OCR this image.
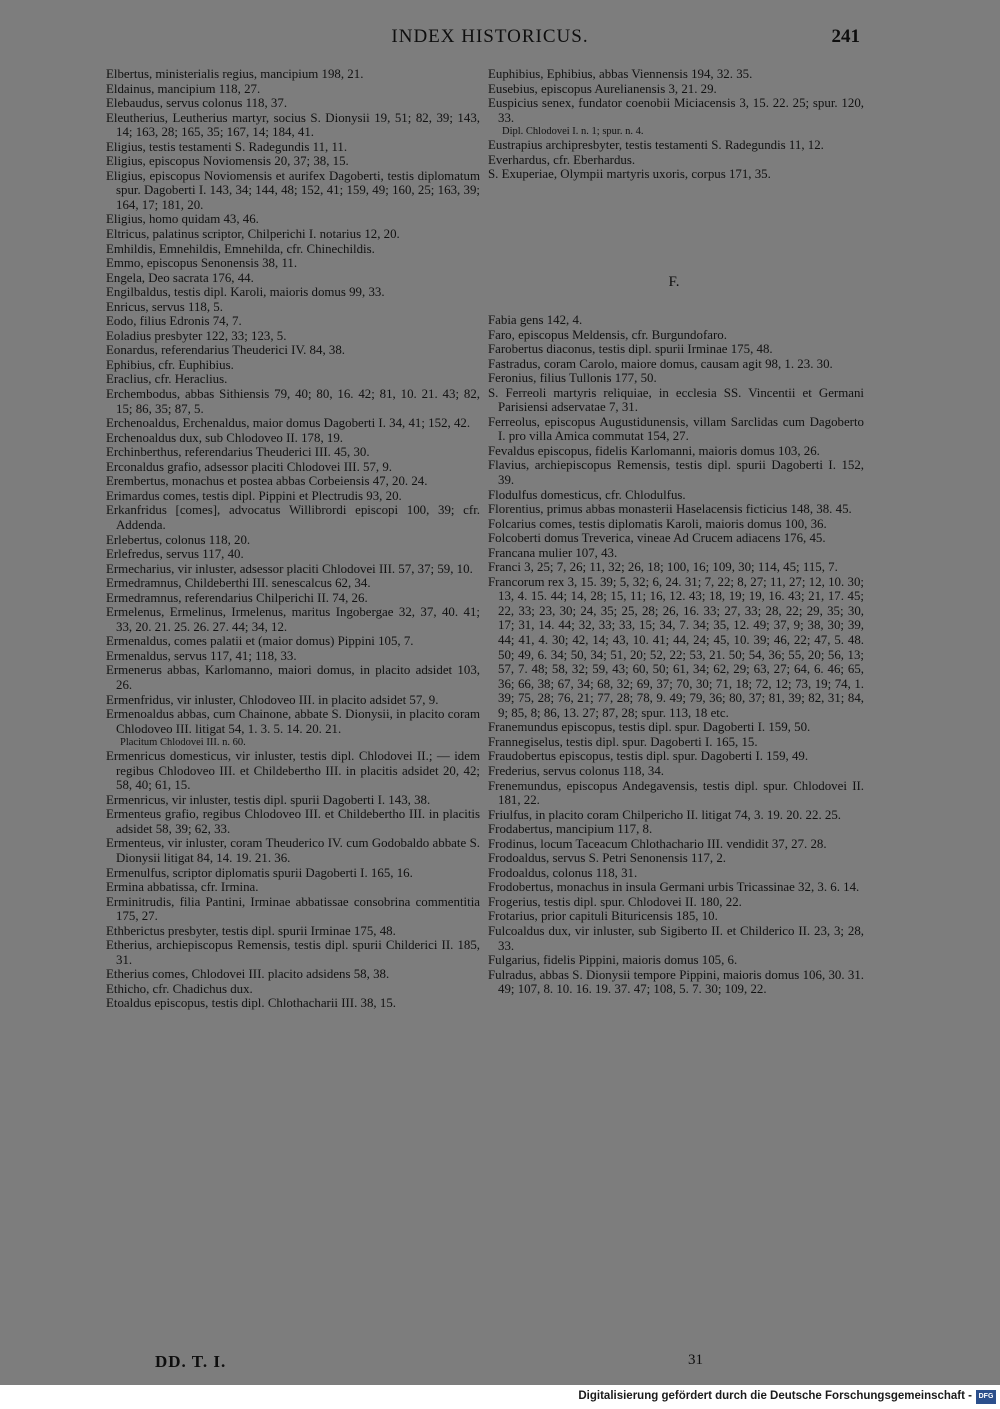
INDEX HISTORICUS.	241

Elbertus, ministerialis regius, mancipium 198, 21.

Eldainus, mancipium 118, 27.

Elebaudus, servus colonus 118, 37.

Eleutherius, Leutherius martyr, socius S. Dionysii 19, 51; 82, 39; 143, 14; 163, 28; 165, 35; 167, 14; 184, 41.

Eligius, testis testamenti S. Radegundis 11, 11.

Eligius, episcopus Noviomensis 20, 37; 38, 15.

Eligius, episcopus Noviomensis et aurifex Dagoberti, testis diplomatum spur. Dagoberti I. 143, 34; 144, 48; 152, 41; 159, 49; 160, 25; 163, 39; 164, 17; 181, 20.

Eligius, homo quidam 43, 46.

Eltricus, palatinus scriptor, Chilperichi I. notarius 12, 20.

Emhildis, Emnehildis, Emnehilda, cfr. Chinechildis.

Emmo, episcopus Senonensis 38, 11.

Engela, Deo sacrata 176, 44.

Engilbaldus, testis dipl. Karoli, maioris domus 99, 33.

Enricus, servus 118, 5.

Eodo, filius Edronis 74, 7.

Eoladius presbyter 122, 33; 123, 5.

Eonardus, referendarius Theuderici IV. 84, 38.

Ephibius, cfr. Euphibius.

Eraclius, cfr. Heraclius.

Erchembodus, abbas Sithiensis 79, 40; 80, 16. 42; 81, 10. 21. 43; 82, 15; 86, 35; 87, 5.

Erchenoaldus, Erchenaldus, maior domus Dagoberti I. 34, 41; 152, 42.

Erchenoaldus dux, sub Chlodoveo II. 178, 19.

Erchinberthus, referendarius Theuderici III. 45, 30.

Erconaldus grafio, adsessor placiti Chlodovei III. 57, 9.

Erembertus, monachus et postea abbas Corbeiensis 47, 20. 24.

Erimardus comes, testis dipl. Pippini et Plectrudis 93, 20.

Erkanfridus [comes], advocatus Willibrordi episcopi 100, 39; cfr. Addenda.

Erlebertus, colonus 118, 20.

Erlefredus, servus 117, 40.

Ermecharius, vir inluster, adsessor placiti Chlodovei III. 57, 37; 59, 10.

Ermedramnus, Childeberthi III. senescalcus 62, 34.

Ermedramnus, referendarius Chilperichi II. 74, 26.

Ermelenus, Ermelinus, Irmelenus, maritus Ingobergae 32, 37, 40. 41; 33, 20. 21. 25. 26. 27. 44; 34, 12.

Ermenaldus, comes palatii et (maior domus) Pippini 105, 7.

Ermenaldus, servus 117, 41; 118, 33.

Ermenerus abbas, Karlomanno, maiori domus, in placito adsidet 103, 26.

Ermenfridus, vir inluster, Chlodoveo III. in placito adsidet 57, 9.

Ermenoaldus abbas, cum Chainone, abbate S. Dionysii, in placito coram Chlodoveo III. litigat 54, 1. 3. 5. 14. 20. 21.

Placitum Chlodovei III. n. 60.

Ermenricus domesticus, vir inluster, testis dipl. Chlodovei II.; — idem regibus Chlodoveo III. et Childebertho III. in placitis adsidet 20, 42; 58, 40; 61, 15.

Ermenricus, vir inluster, testis dipl. spurii Dagoberti I. 143, 38.

Ermenteus grafio, regibus Chlodoveo III. et Childebertho III. in placitis adsidet 58, 39; 62, 33.

Ermenteus, vir inluster, coram Theuderico IV. cum Godobaldo abbate S. Dionysii litigat 84, 14. 19. 21. 36.

Ermenulfus, scriptor diplomatis spurii Dagoberti I. 165, 16.

Ermina abbatissa, cfr. Irmina.

Erminitrudis, filia Pantini, Irminae abbatissae consobrina commentitia 175, 27.

Ethberictus presbyter, testis dipl. spurii Irminae 175, 48.

Etherius, archiepiscopus Remensis, testis dipl. spurii Childerici II. 185, 31.

Etherius comes, Chlodovei III. placito adsidens 58, 38.

Ethicho, cfr. Chadichus dux.

Etoaldus episcopus, testis dipl. Chlothacharii III. 38, 15.

Euphibius, Ephibius, abbas Viennensis 194, 32. 35.

Eusebius, episcopus Aurelianensis 3, 21. 29.

Euspicius senex, fundator coenobii Miciacensis 3, 15. 22. 25; spur. 120, 33.

Dipl. Chlodovei I. n. 1; spur. n. 4.

Eustrapius archipresbyter, testis testamenti S. Radegundis 11, 12.

Everhardus, cfr. Eberhardus.

S. Exuperiae, Olympii martyris uxoris, corpus 171, 35.

F.

Fabia gens 142, 4.

Faro, episcopus Meldensis, cfr. Burgundofaro.

Farobertus diaconus, testis dipl. spurii Irminae 175, 48.

Fastradus, coram Carolo, maiore domus, causam agit 98, 1. 23. 30.

Feronius, filius Tullonis 177, 50.

S. Ferreoli martyris reliquiae, in ecclesia SS. Vincentii et Germani Parisiensi adservatae 7, 31.

Ferreolus, episcopus Augustidunensis, villam Sarclidas cum Dagoberto I. pro villa Amica commutat 154, 27.

Fevaldus episcopus, fidelis Karlomanni, maioris domus 103, 26.

Flavius, archiepiscopus Remensis, testis dipl. spurii Dagoberti I. 152, 39.

Flodulfus domesticus, cfr. Chlodulfus.

Florentius, primus abbas monasterii Haselacensis ficticius 148, 38. 45.

Folcarius comes, testis diplomatis Karoli, maioris domus 100, 36.

Folcoberti domus Treverica, vineae Ad Crucem adiacens 176, 45.

Francana mulier 107, 43.

Franci 3, 25; 7, 26; 11, 32; 26, 18; 100, 16; 109, 30; 114, 45; 115, 7.

Francorum rex 3, 15. 39; 5, 32; 6, 24. 31; 7, 22; 8, 27; 11, 27; 12, 10. 30; 13, 4. 15. 44; 14, 28; 15, 11; 16, 12. 43; 18, 19; 19, 16. 43; 21, 17. 45; 22, 33; 23, 30; 24, 35; 25, 28; 26, 16. 33; 27, 33; 28, 22; 29, 35; 30, 17; 31, 14. 44; 32, 33; 33, 15; 34, 7. 34; 35, 12. 49; 37, 9; 38, 30; 39, 44; 41, 4. 30; 42, 14; 43, 10. 41; 44, 24; 45, 10. 39; 46, 22; 47, 5. 48. 50; 49, 6. 34; 50, 34; 51, 20; 52, 22; 53, 21. 50; 54, 36; 55, 20; 56, 13; 57, 7. 48; 58, 32; 59, 43; 60, 50; 61, 34; 62, 29; 63, 27; 64, 6. 46; 65, 36; 66, 38; 67, 34; 68, 32; 69, 37; 70, 30; 71, 18; 72, 12; 73, 19; 74, 1. 39; 75, 28; 76, 21; 77, 28; 78, 9. 49; 79, 36; 80, 37; 81, 39; 82, 31; 84, 9; 85, 8; 86, 13. 27; 87, 28; spur. 113, 18 etc.

Franemundus episcopus, testis dipl. spur. Dagoberti I. 159, 50.

Frannegiselus, testis dipl. spur. Dagoberti I. 165, 15.

Fraudobertus episcopus, testis dipl. spur. Dagoberti I. 159, 49.

Frederius, servus colonus 118, 34.

Frenemundus, episcopus Andegavensis, testis dipl. spur. Chlodovei II. 181, 22.

Friulfus, in placito coram Chilperichо II. litigat 74, 3. 19. 20. 22. 25.

Frodabertus, mancipium 117, 8.

Frodinus, locum Taceacum Chlothachario III. vendidit 37, 27. 28.

Frodoaldus, servus S. Petri Senonensis 117, 2.

Frodoaldus, colonus 118, 31.

Frodobertus, monachus in insula Germani urbis Tricassinae 32, 3. 6. 14.

Frogerius, testis dipl. spur. Chlodovei II. 180, 22.

Frotarius, prior capituli Bituricensis 185, 10.

Fulcoaldus dux, vir inluster, sub Sigiberto II. et Childerico II. 23, 3; 28, 33.

Fulgarius, fidelis Pippini, maioris domus 105, 6.

Fulradus, abbas S. Dionysii tempore Pippini, maioris domus 106, 30. 31. 49; 107, 8. 10. 16. 19. 37. 47; 108, 5. 7. 30; 109, 22.

DD. T. I.	31
Digitalisierung gefördert durch die Deutsche Forschungsgemeinschaft - DFG
